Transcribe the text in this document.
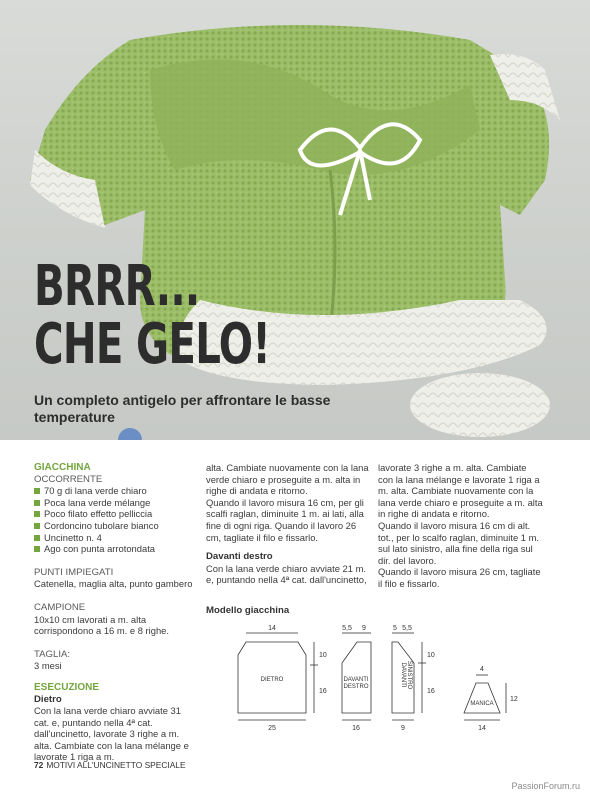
BRRR...
CHE GELO!

Un completo antigelo per affrontare le basse temperature

GIACCHINA
OCCORRENTE
70 g di lana verde chiaro
Poca lana verde mélange
Poco filato effetto pelliccia
Cordoncino tubolare bianco
Uncinetto n. 4
Ago con punta arrotondata
PUNTI IMPIEGATI

Catenella, maglia alta, punto gambero

CAMPIONE

10x10 cm lavorati a m. alta corrispondono a 16 m. e 8 righe.

TAGLIA:

3 mesi

ESECUZIONE
Dietro

Con la lana verde chiaro avviate 31 cat. e, puntando nella 4ª cat. dall'uncinetto, lavorate 3 righe a m. alta. Cambiate con la lana mélange e lavorate 1 riga a m.

alta. Cambiate nuovamente con la lana verde chiaro e proseguite a m. alta in righe di andata e ritorno.

Quando il lavoro misura 16 cm, per gli scalfi raglan, diminuite 1 m. ai lati, alla fine di ogni riga. Quando il lavoro 26 cm, tagliate il filo e fissarlo.

Davanti destro

Con la lana verde chiaro avviate 21 m. e, puntando nella 4ª cat. dall'uncinetto,

lavorate 3 righe a m. alta. Cambiate con la lana mélange e lavorate 1 riga a m. alta. Cambiate nuovamente con la lana verde chiaro e proseguite a m. alta in righe di andata e ritorno.

Quando il lavoro misura 16 cm di alt. tot., per lo scalfo raglan, diminuite 1 m. sul lato sinistro, alla fine della riga sul dir. del lavoro.

Quando il lavoro misura 26 cm, tagliate il filo e fissarlo.

Modello giacchina

DIETRO	DAVANTI
DESTRO	DAVANTI SINISTRO
MANICA
14
10
16
25
5,5 9
16
5 5,5
9
10
16
4
12
14
72 MOTIVI ALL'UNCINETTO SPECIALE
PassionForum.ru
